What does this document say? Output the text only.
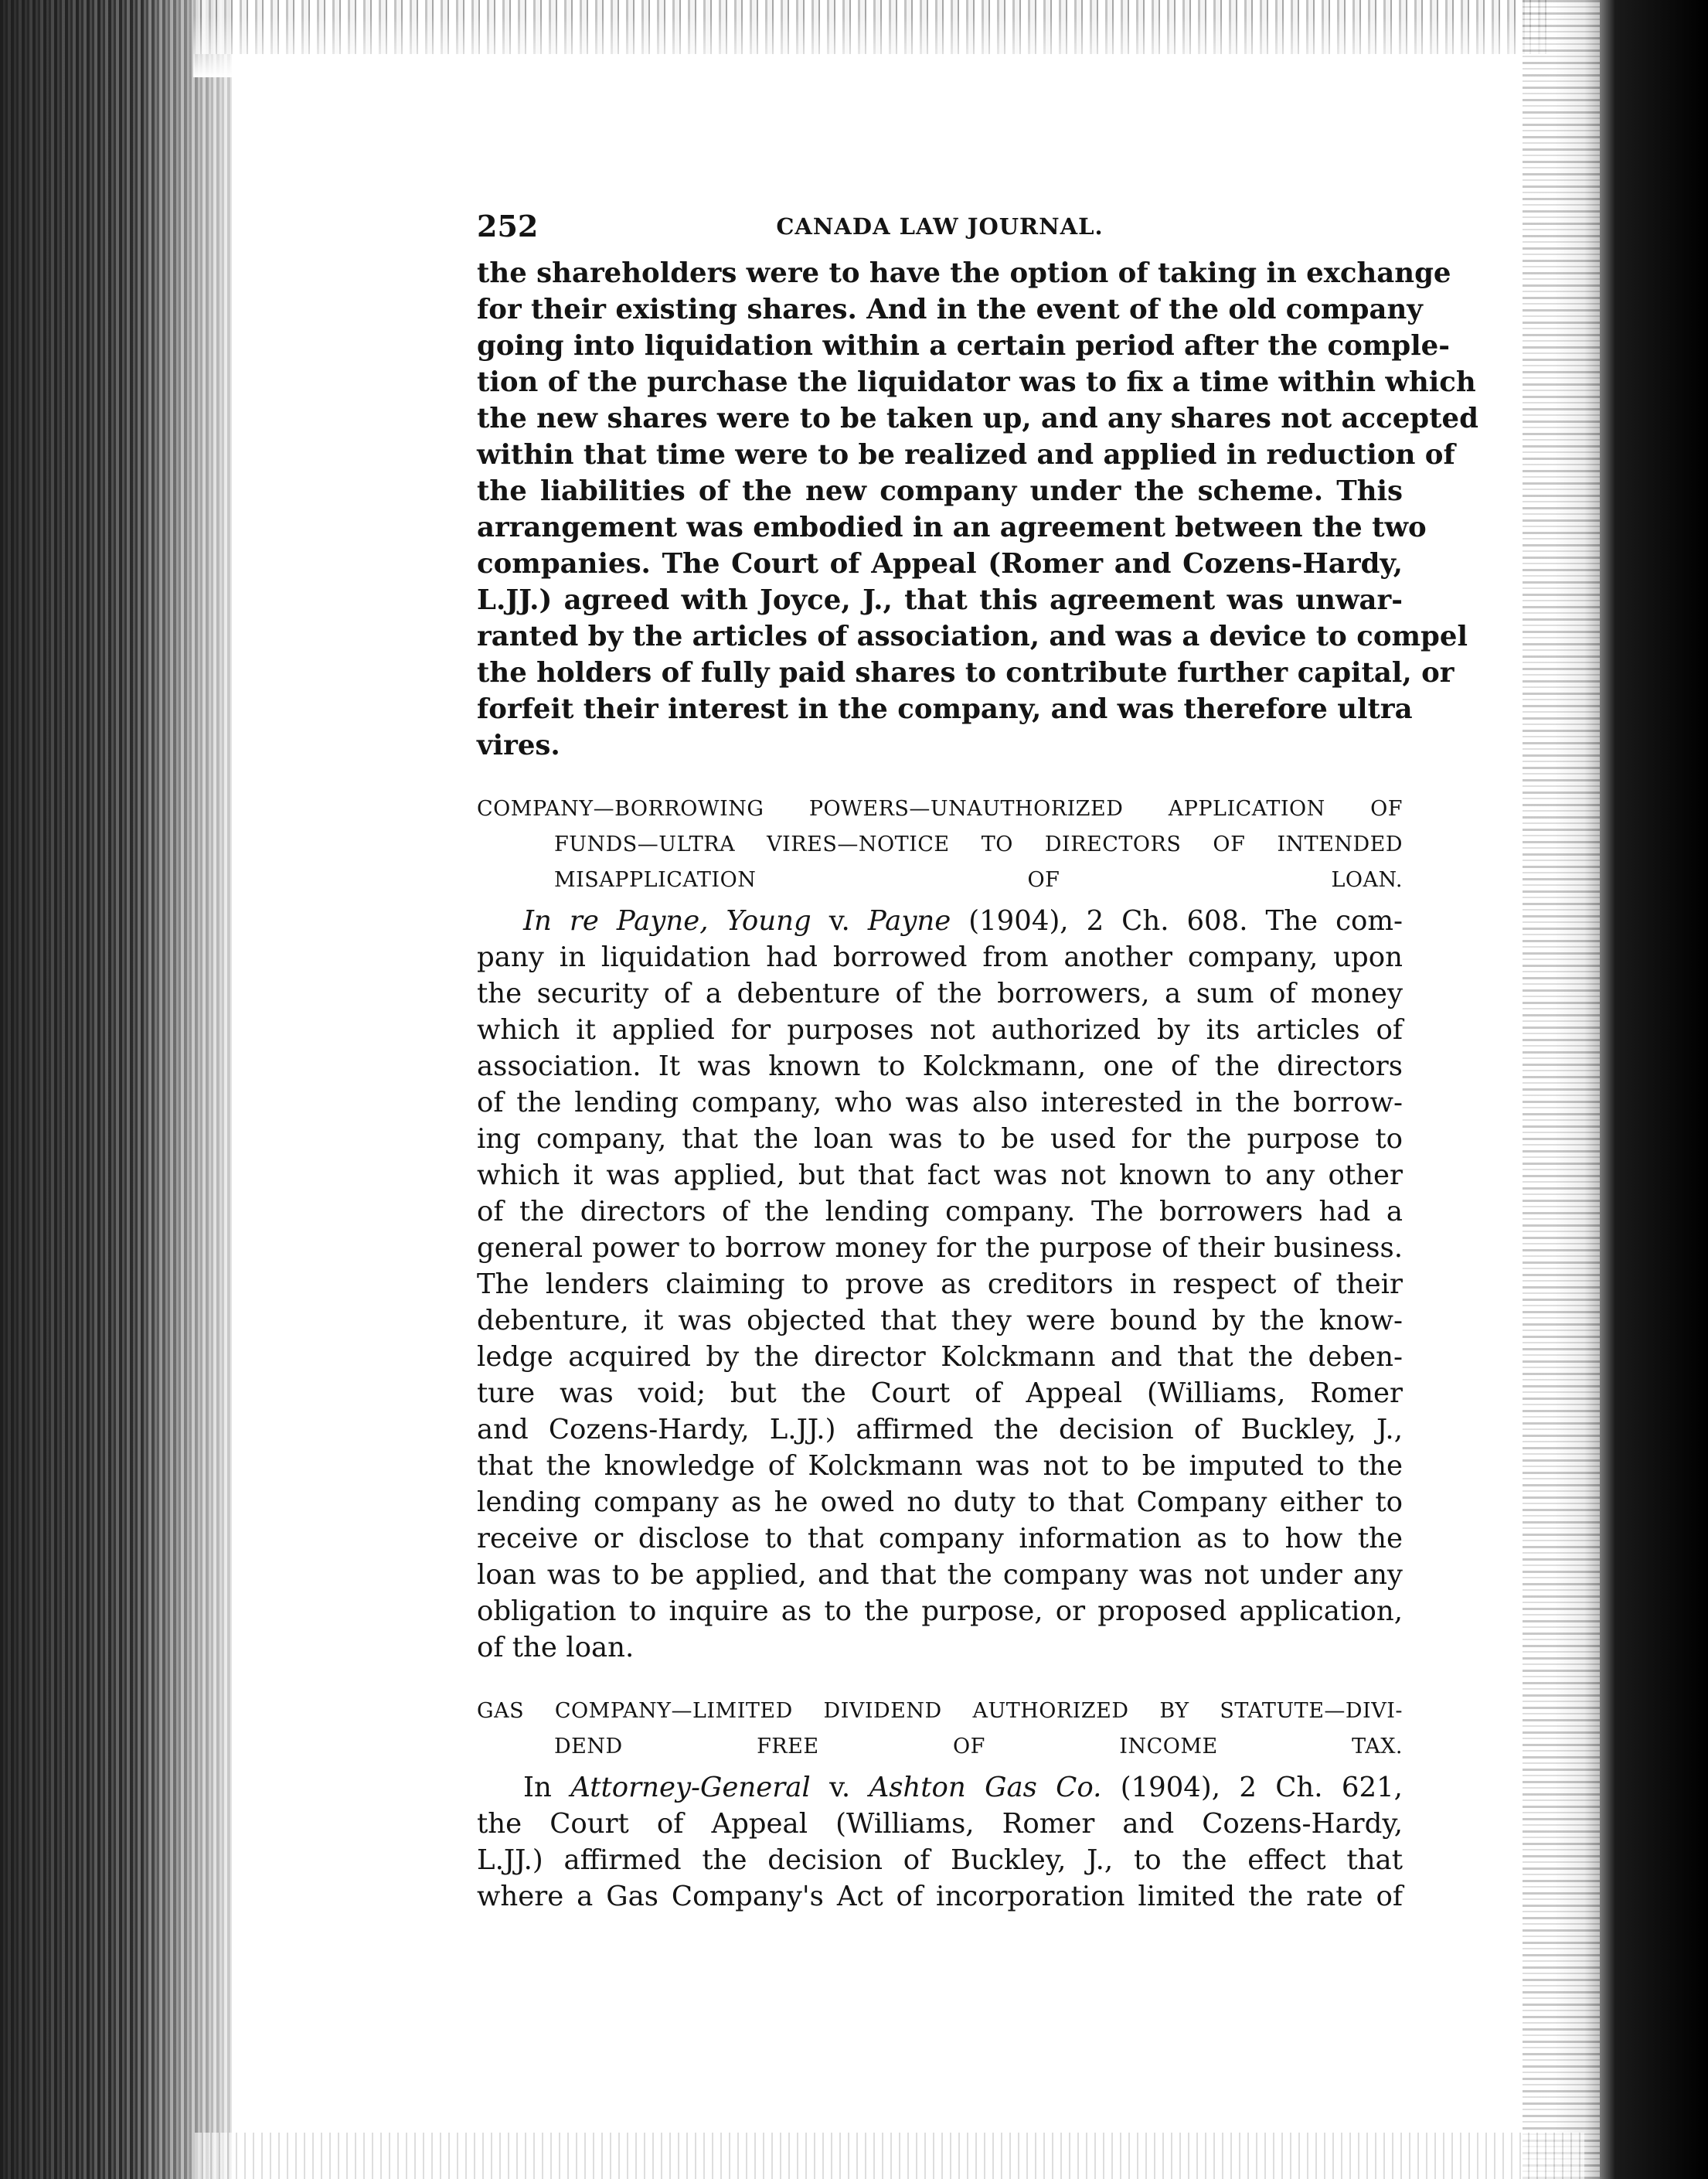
252	CANADA LAW JOURNAL.
the shareholders were to have the option of taking in exchange
for their existing shares. And in the event of the old company
going into liquidation within a certain period after the comple-
tion of the purchase the liquidator was to fix a time within which
the new shares were to be taken up, and any shares not accepted
within that time were to be realized and applied in reduction of
the liabilities of the new company under the scheme. This
arrangement was embodied in an agreement between the two
companies. The Court of Appeal (Romer and Cozens-Hardy,
L.JJ.) agreed with Joyce, J., that this agreement was unwar-
ranted by the articles of association, and was a device to compel
the holders of fully paid shares to contribute further capital, or
forfeit their interest in the company, and was therefore ultra
vires.
COMPANY—BORROWING POWERS—UNAUTHORIZED APPLICATION OF
FUNDS—ULTRA VIRES—NOTICE TO DIRECTORS OF INTENDED
MISAPPLICATION OF LOAN.
In re Payne, Young v. Payne (1904), 2 Ch. 608. The com-
pany in liquidation had borrowed from another company, upon
the security of a debenture of the borrowers, a sum of money
which it applied for purposes not authorized by its articles of
association. It was known to Kolckmann, one of the directors
of the lending company, who was also interested in the borrow-
ing company, that the loan was to be used for the purpose to
which it was applied, but that fact was not known to any other
of the directors of the lending company. The borrowers had a
general power to borrow money for the purpose of their business.
The lenders claiming to prove as creditors in respect of their
debenture, it was objected that they were bound by the know-
ledge acquired by the director Kolckmann and that the deben-
ture was void; but the Court of Appeal (Williams, Romer
and Cozens-Hardy, L.JJ.) affirmed the decision of Buckley, J.,
that the knowledge of Kolckmann was not to be imputed to the
lending company as he owed no duty to that Company either to
receive or disclose to that company information as to how the
loan was to be applied, and that the company was not under any
obligation to inquire as to the purpose, or proposed application,
of the loan.
GAS COMPANY—LIMITED DIVIDEND AUTHORIZED BY STATUTE—DIVI-
DEND FREE OF INCOME TAX.
In Attorney-General v. Ashton Gas Co. (1904), 2 Ch. 621,
the Court of Appeal (Williams, Romer and Cozens-Hardy,
L.JJ.) affirmed the decision of Buckley, J., to the effect that
where a Gas Company's Act of incorporation limited the rate of
